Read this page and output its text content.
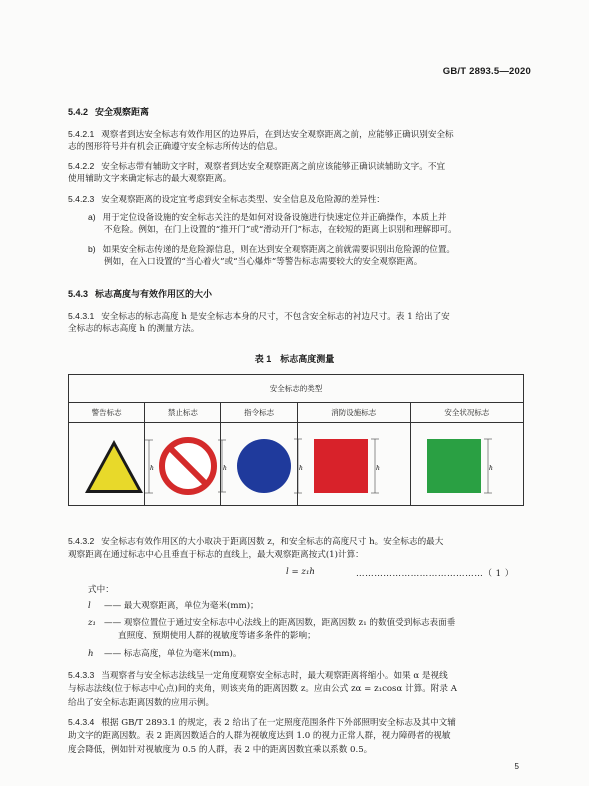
GB/T 2893.5—2020
5.4.2 安全观察距离
5.4.2.1 观察者到达安全标志有效作用区的边界后，在到达安全观察距离之前，应能够正确识别安全标
志的图形符号并有机会正确遵守安全标志所传达的信息。
5.4.2.2 安全标志带有辅助文字时，观察者到达安全观察距离之前应该能够正确识读辅助文字。不宜
使用辅助文字来确定标志的最大观察距离。
5.4.2.3 安全观察距离的设定宜考虑到安全标志类型、安全信息及危险源的差异性：
a) 用于定位设备设施的安全标志关注的是如何对设备设施进行快速定位并正确操作，本质上并
不危险。例如，在门上设置的“推开门”或“滑动开门”标志，在较短的距离上识别和理解即可。
b) 如果安全标志传递的是危险源信息，则在达到安全观察距离之前就需要识别出危险源的位置。
例如，在入口设置的“当心着火”或“当心爆炸”等警告标志需要较大的安全观察距离。
5.4.3 标志高度与有效作用区的大小
5.4.3.1 安全标志的标志高度 h 是安全标志本身的尺寸，不包含安全标志的衬边尺寸。表 1 给出了安
全标志的标志高度 h 的测量方法。
表 1　标志高度测量
安全标志的类型				
警告标志	禁止标志	指令标志	消防设施标志	安全状况标志

h	h	h	h	h
5.4.3.2 安全标志有效作用区的大小取决于距离因数 z，和安全标志的高度尺寸 h。安全标志的最大
观察距离在通过标志中心且垂直于标志的直线上，最大观察距离按式(1)计算：
l = z₁h	……………………………………（ 1 ）
式中：
l	—— 最大观察距离，单位为毫米(mm)；
z₁ —— 观察位置位于通过安全标志中心法线上的距离因数，距离因数 z₁ 的数值受到标志表面垂
直照度、预期使用人群的视敏度等诸多条件的影响；
h	—— 标志高度，单位为毫米(mm)。
5.4.3.3 当观察者与安全标志法线呈一定角度观察安全标志时，最大观察距离将缩小。如果 α 是视线
与标志法线(位于标志中心点)间的夹角，则该夹角的距离因数 z。应由公式 zα = z₁cosα 计算。附录 A
给出了安全标志距离因数的应用示例。
5.4.3.4 根据 GB/T 2893.1 的规定，表 2 给出了在一定照度范围条件下外部照明安全标志及其中文辅
助文字的距离因数。表 2 距离因数适合的人群为视敏度达到 1.0 的视力正常人群，视力障碍者的视敏
度会降低，例如针对视敏度为 0.5 的人群，表 2 中的距离因数宜乘以系数 0.5。
5
